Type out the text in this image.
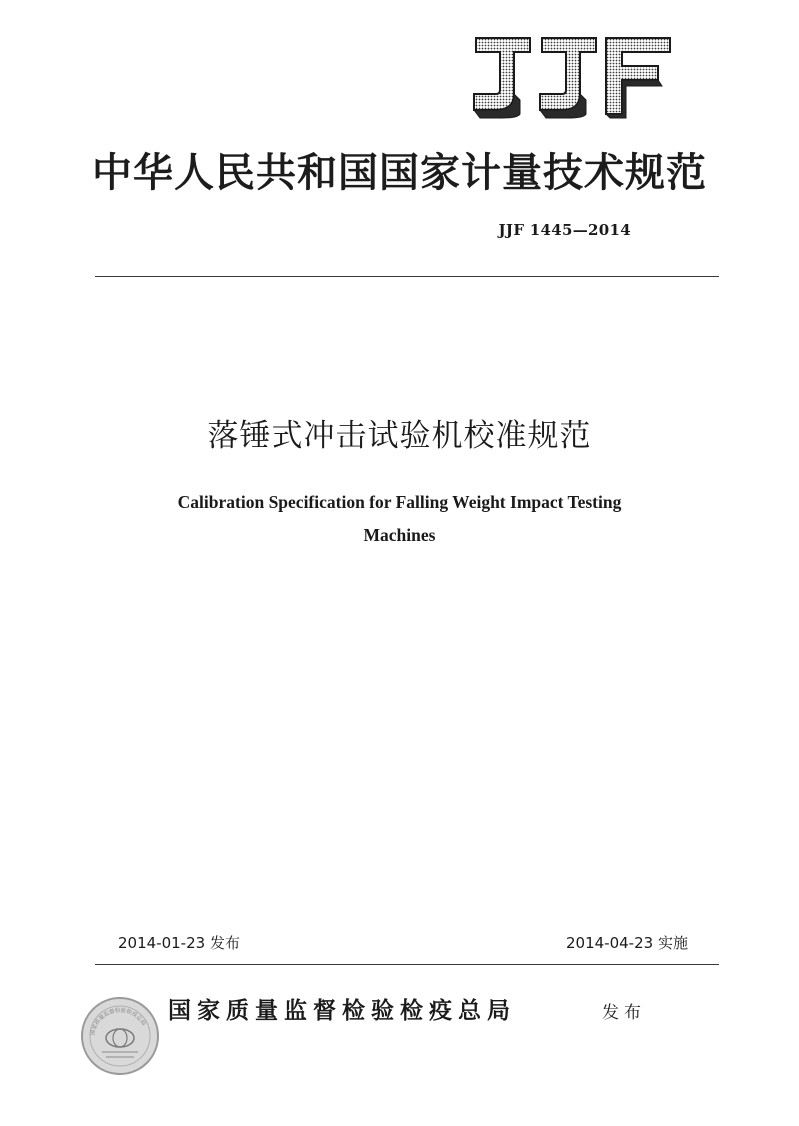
中华人民共和国国家计量技术规范
JJF 1445—2014
落锤式冲击试验机校准规范
Calibration Specification for Falling Weight Impact Testing
Machines
2014-01-23 发布	2014-04-23 实施
国家质量监督检验检疫总局 国家质量监督检验检疫总局	发布
